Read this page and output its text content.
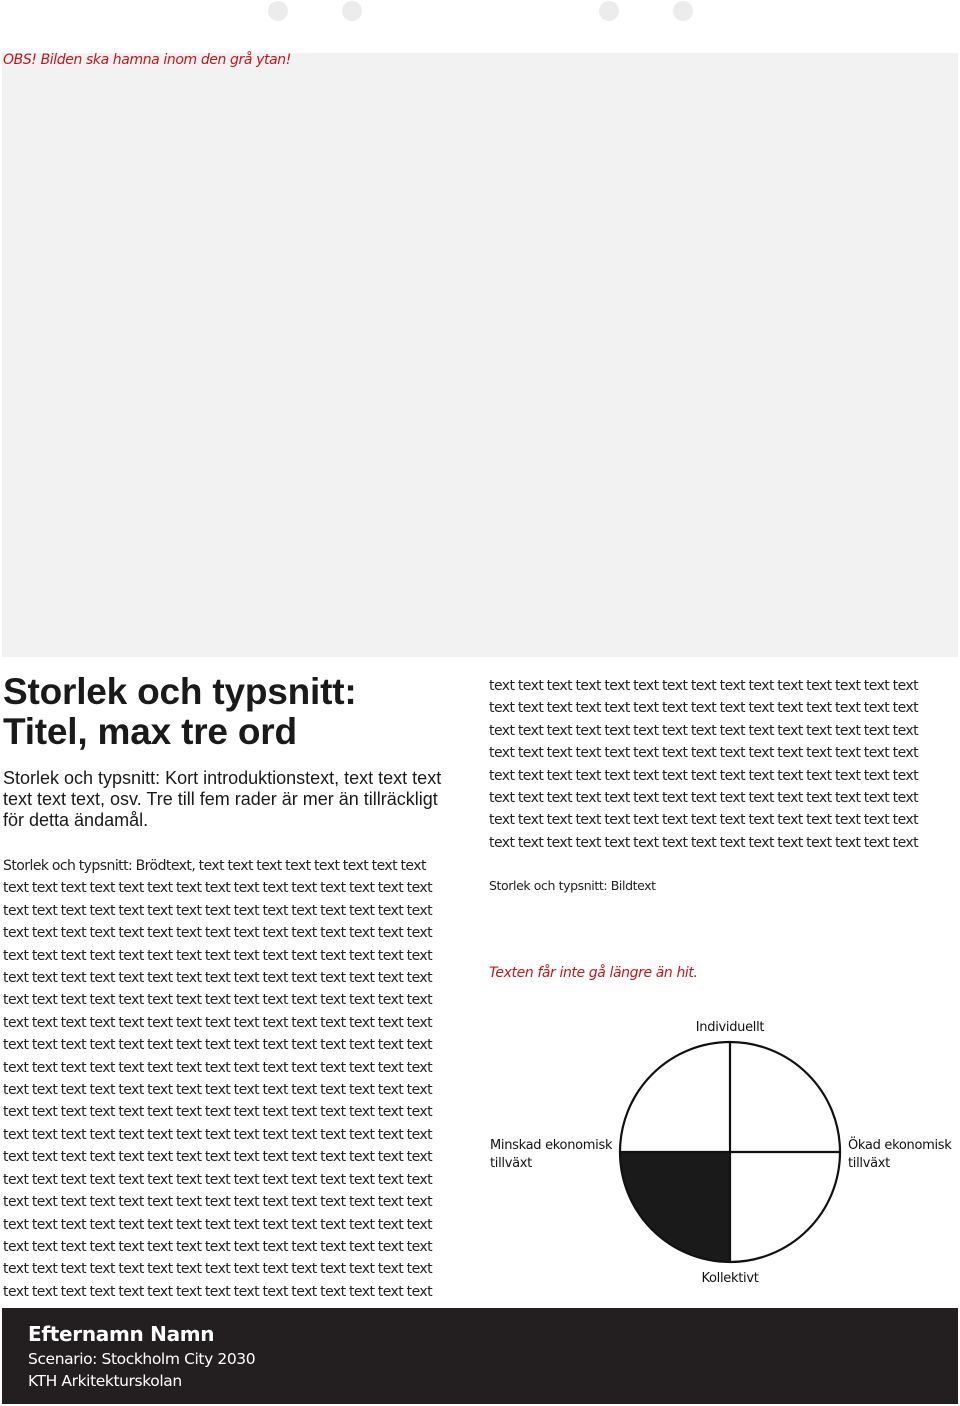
OBS! Bilden ska hamna inom den grå ytan!
Storlek och typsnitt:
Titel, max tre ord

Storlek och typsnitt: Kort introduktionstext, text text text text text text, osv. Tre till fem rader är mer än tillräckligt för detta ändamål.

Storlek och typsnitt: Brödtext, text text text text text text text text text text text text text text text text text text text text text text text text text text text text text text text text text text text text text text text text text text text text text text text text text text text text text text text text text text text text text text text text text text text text text text text text text text text text text text text text text text text text text text text text text text text text text text text text text text text text text text text text text text text text text text text text text text text text text text text text text text text text text text text text text text text text text text text text text text text text text text text text text text text text text text text text text text text text text text text text text text text text text text text text text text text text text text text text text text text text text text text text text text text text text text text text text text text text text text text text text text text text text text text text text text text text text text text text text text text text text text text text text text text text text text text text text text text text text text text text text text text text text text text text text text text text text text text text text text text text text text text text text text text text text text text text text text text text text text text text text text text text text text text text text text text text text

text text text text text text text text text text text text text text text text text text text text text text text text text text text text text text text text text text text text text text text text text text text text text text text text text text text text text text text text text text text text text text text text text text text text text text text text text text text text text text text text text text text text text text text text text text text text text text text text text text text text text text text text text text text text text text text text text text text text text text text text

Storlek och typsnitt: Bildtext
Texten får inte gå längre än hit.
Individuellt
Kollektivt
Minskad ekonomisk
tillväxt
Ökad ekonomisk
tillväxt
Efternamn Namn
Scenario: Stockholm City 2030
KTH Arkitekturskolan
